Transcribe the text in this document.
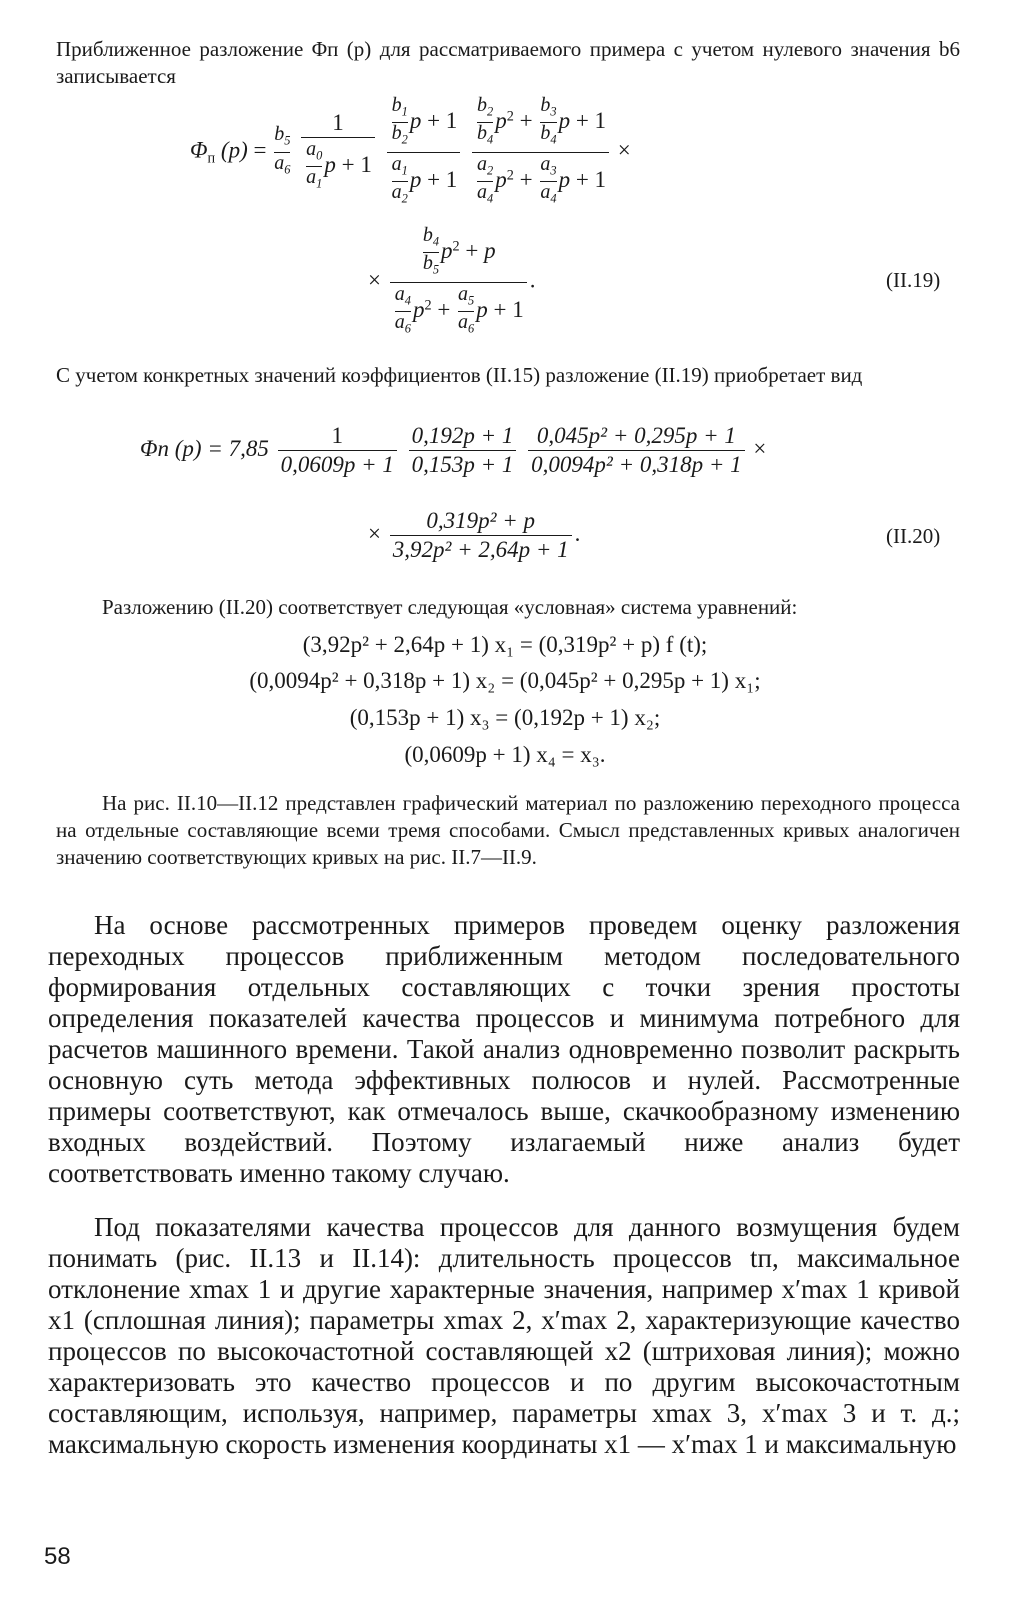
Приближенное разложение Φп (p) для рассматриваемого примера с учетом нулевого значения b6 записывается
$\Phi_п$ $(p) = \frac{b_5}{a_6}$
$\frac{1}{\frac{a_0}{a_1} p + 1}$
$\frac{\frac{b_1}{b_2} p + 1}{\frac{a_1}{a_2} p + 1}$
$\frac{\frac{b_2}{b_4} p^2 + \frac{b_3}{b_4} p + 1}{\frac{a_2}{a_4} p^2 + \frac{a_3}{a_4} p + 1}$ ×
× $\frac{\frac{b_4}{b_5} p^2 + p}{\frac{a_4}{a_6} p^2 + \frac{a_5}{a_6} p + 1}$ .	(II.19)
С учетом конкретных значений коэффициентов (II.15) разложение (II.19) приобретает вид
Φп $(p) = 7,85 \frac{1}{0,0609p + 1}$
$\frac{0,192p + 1}{0,153p + 1}$
$\frac{\text{0,045p² + 0,295p + 1}}{\text{0,0094p² + 0,318p + 1}}$ ×
× $\frac{\text{0,319p² + p}}{\text{3,92p² + 2,64p + 1}}$ .	(II.20)
Разложению (II.20) соответствует следующая «условная» система уравнений:
(3,92p² + 2,64p + 1) x₁ = (0,319p² + p) f (t);
(0,0094p² + 0,318p + 1) x₂ = (0,045p² + 0,295p + 1) x₁;
(0,153p + 1) x₃ = (0,192p + 1) x₂;
(0,0609p + 1) x₄ = x₃.
На рис. II.10—II.12 представлен графический материал по разложению переходного процесса на отдельные составляющие всеми тремя способами. Смысл представленных кривых аналогичен значению соответствующих кривых на рис. II.7—II.9.
На основе рассмотренных примеров проведем оценку разложения переходных процессов приближенным методом последовательного формирования отдельных составляющих с точки зрения простоты определения показателей качества процессов и минимума потребного для расчетов машинного времени. Такой анализ одновременно позволит раскрыть основную суть метода эффективных полюсов и нулей. Рассмотренные примеры соответствуют, как отмечалось выше, скачкообразному изменению входных воздействий. Поэтому излагаемый ниже анализ будет соответствовать именно такому случаю.
Под показателями качества процессов для данного возмущения будем понимать (рис. II.13 и II.14): длительность процессов tп, максимальное отклонение xmax 1 и другие характерные значения, например x′max 1 кривой x1 (сплошная линия); параметры xmax 2, x′max 2, характеризующие качество процессов по высокочастотной составляющей x2 (штриховая линия); можно характеризовать это качество процессов и по другим высокочастотным составляющим, используя, например, параметры xmax 3, x′max 3 и т. д.; максимальную скорость изменения координаты x1 — x′max 1 и максимальную
58
